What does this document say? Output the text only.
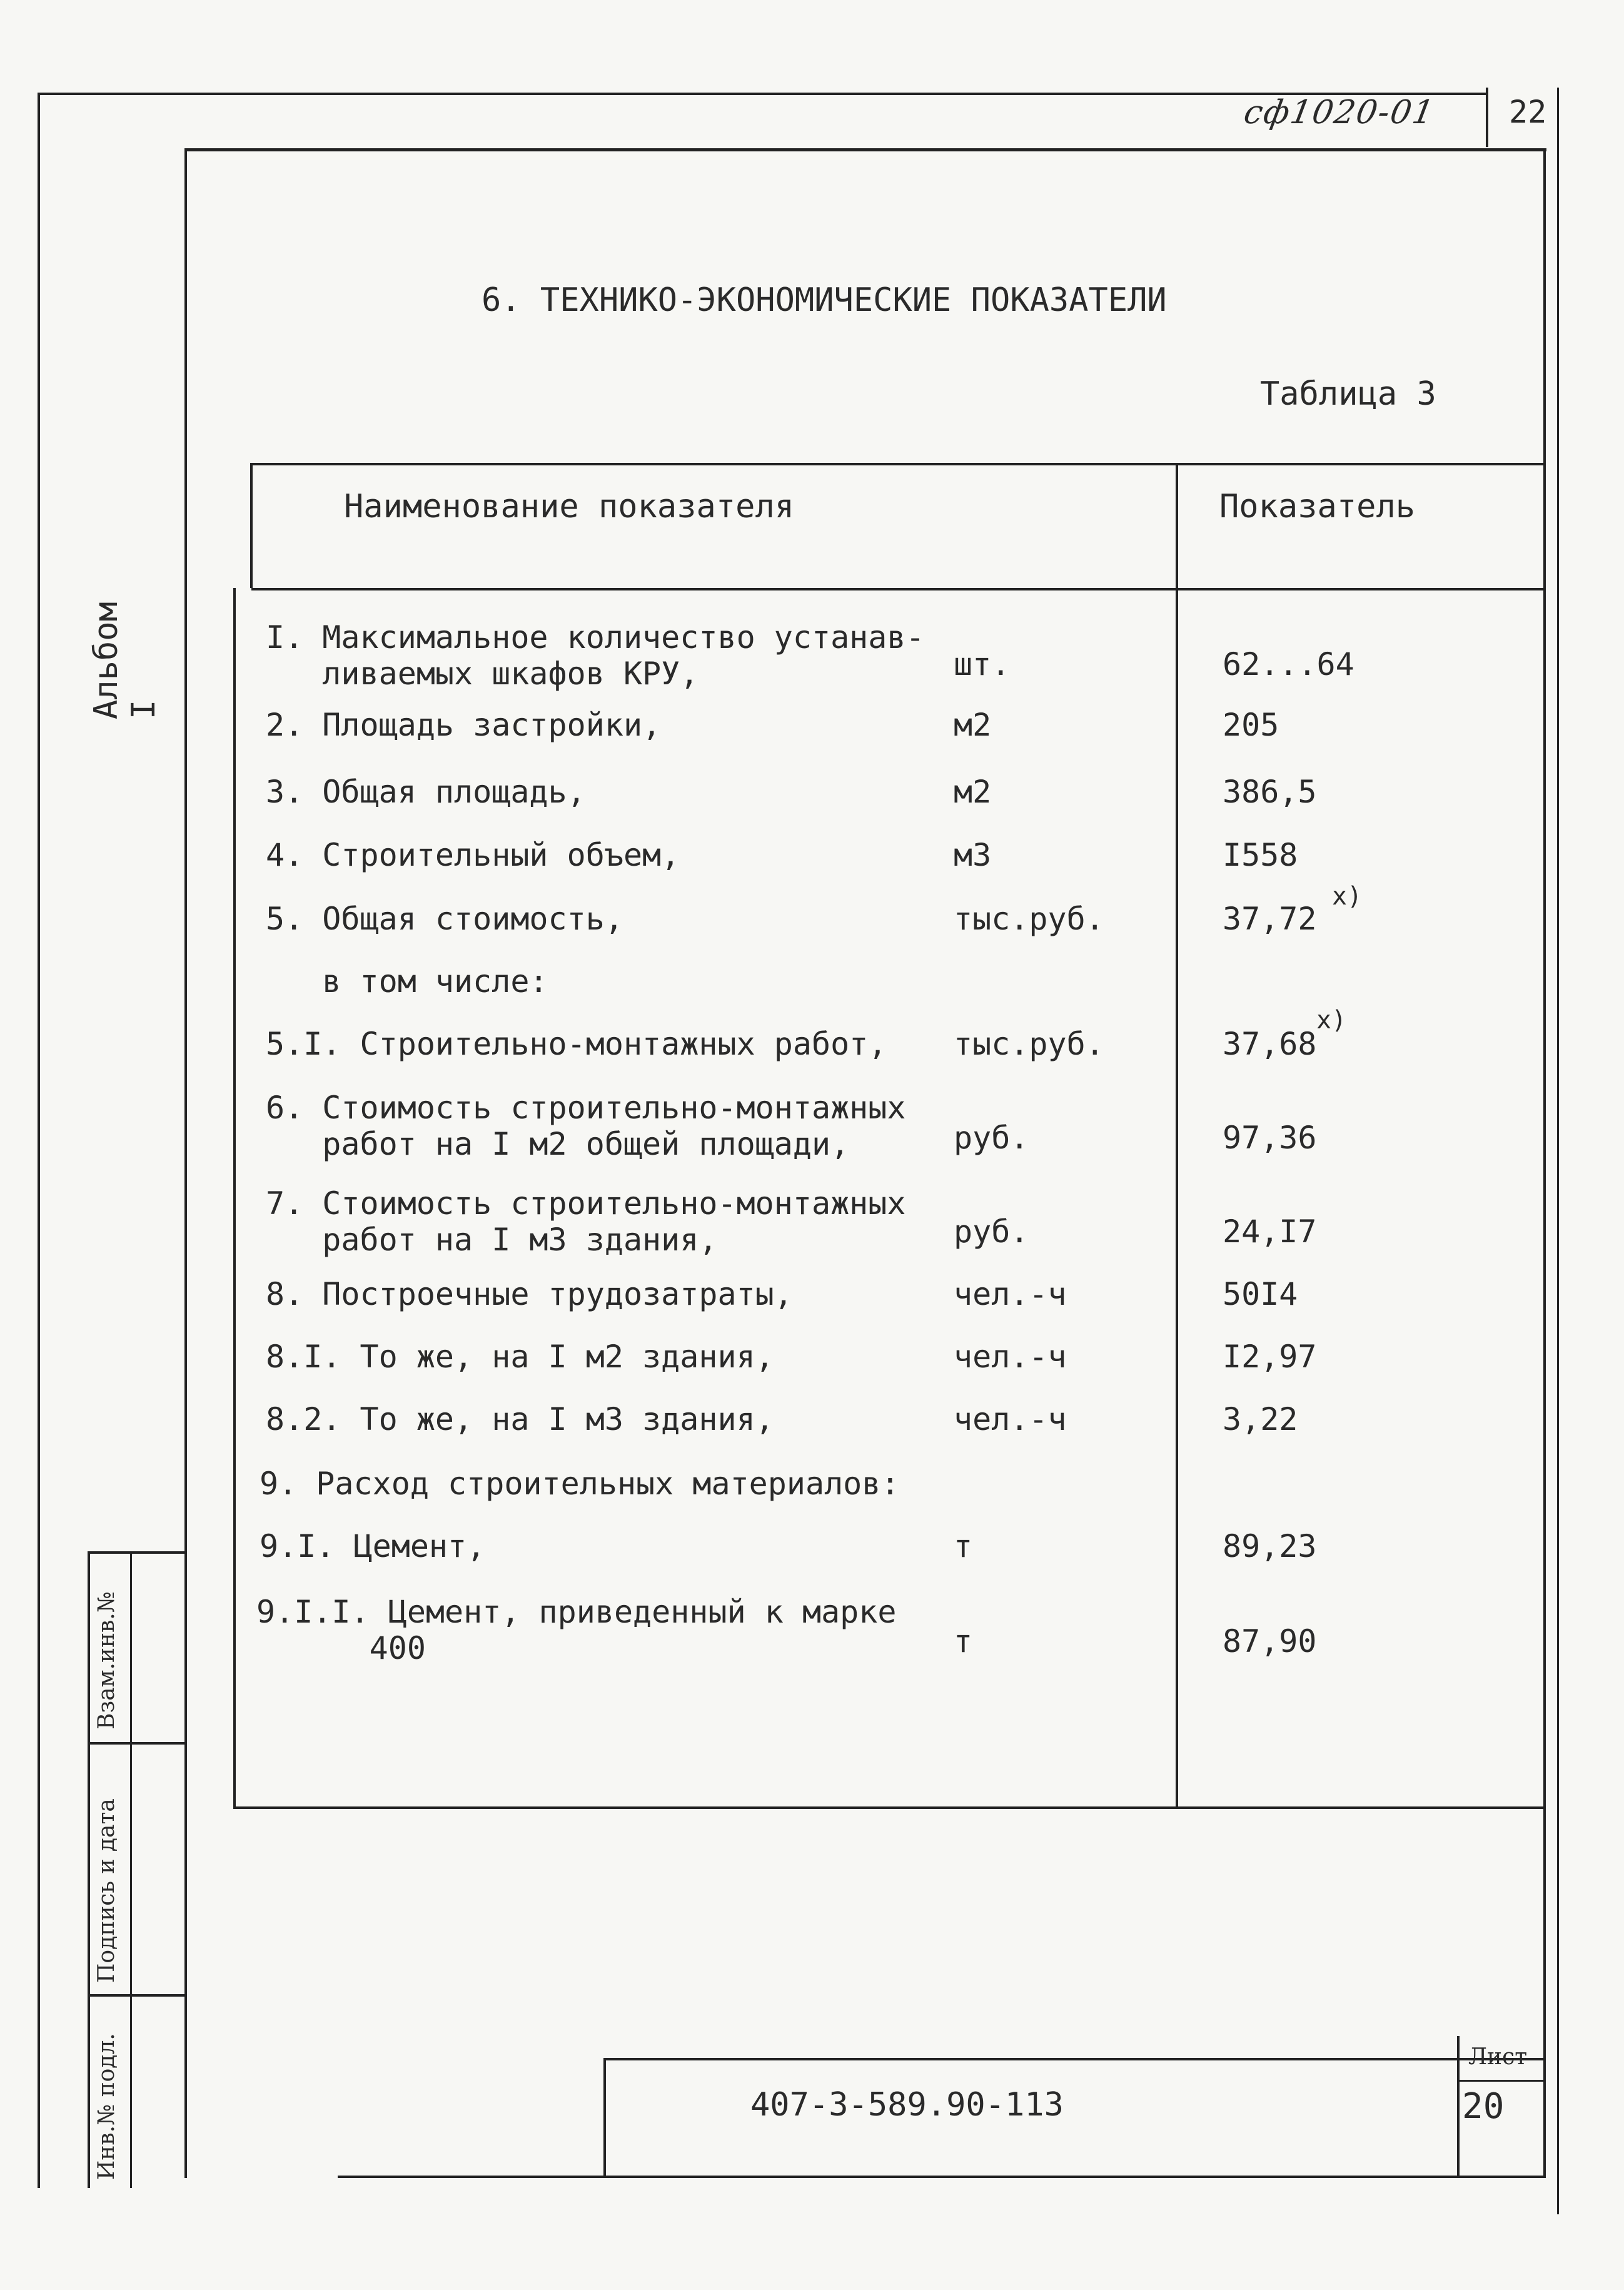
сф1020-01 22
6. ТЕХНИКО-ЭКОНОМИЧЕСКИЕ ПОКАЗАТЕЛИ
Таблица 3
Наименование показателя	Показатель
I. Максимальное количество устанав-
ливаемых шкафов КРУ,	шт.	62...64
2. Площадь застройки,	м2	205
3. Общая площадь,	м2	386,5
4. Строительный объем,	м3	I558
5. Общая стоимость,	тыс.руб.	37,72
x)
в том числе:
5.I. Строительно-монтажных работ, тыс.руб.	37,68
x)
6. Стоимость строительно-монтажных
работ на I м2 общей площади,	руб.	97,36
7. Стоимость строительно-монтажных
работ на I м3 здания,	руб.	24,I7
8. Построечные трудозатраты,	чел.-ч	50I4
8.I. То же, на I м2 здания,	чел.-ч	I2,97
8.2. То же, на I м3 здания,	чел.-ч	3,22
9. Расход строительных материалов:
9.I. Цемент,	т	89,23
9.I.I. Цемент, приведенный к марке
400	т	87,90
Альбом I
Взам.инв.№
Подпись и дата
Инв.№ подл.	407-3-589.90-113
Лист
20
